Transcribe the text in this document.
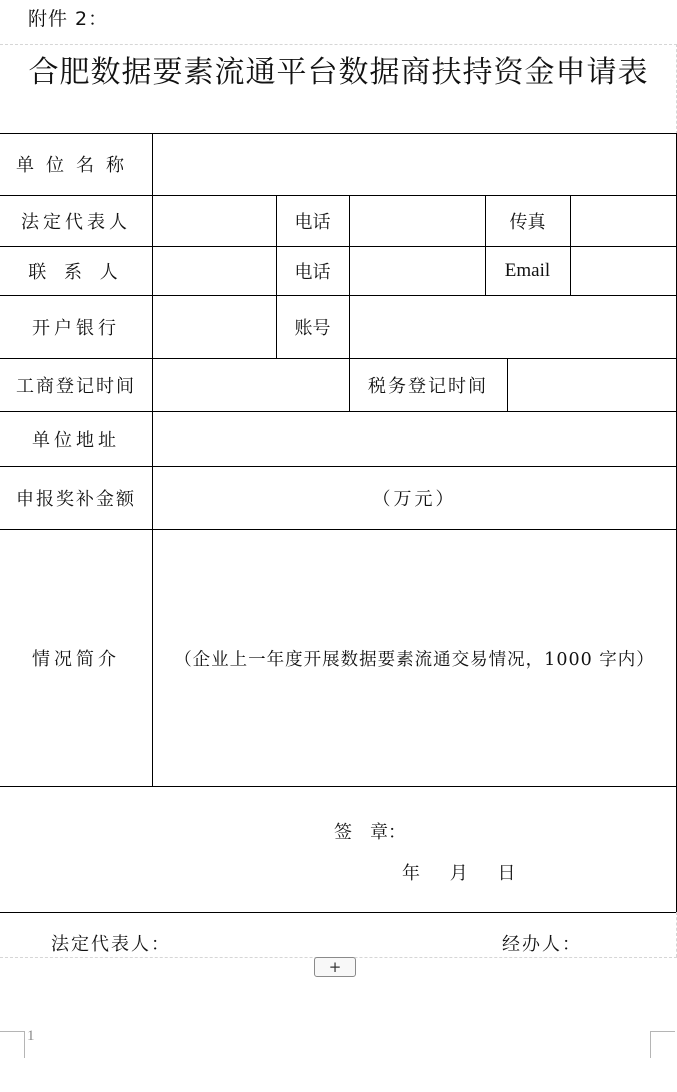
附件 2：
合肥数据要素流通平台数据商扶持资金申请表
单位名称
法定代表人	电话	传真
联 系 人	电话	Email
开户银行	账号
工商登记时间	税务登记时间
单位地址
申报奖补金额	（万元）
情况简介	（企业上一年度开展数据要素流通交易情况，1000 字内）
签　章：
年　 月　 日
法定代表人：	经办人：
+
1
